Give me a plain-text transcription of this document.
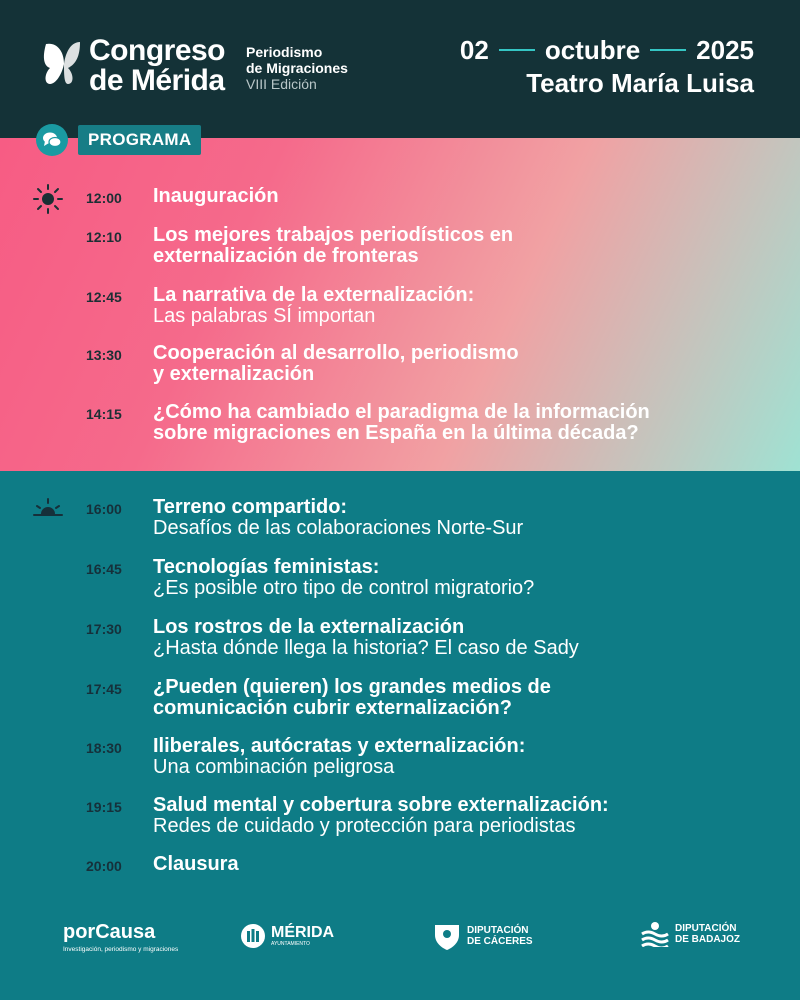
Congreso
de Mérida
Periodismo
de Migraciones
VIII Edición
02 octubre 2025
Teatro María Luisa
PROGRAMA
12:00	Inauguración
12:10	Los mejores trabajos periodísticos en
externalización de fronteras
12:45	La narrativa de la externalización:
Las palabras SÍ importan
13:30	Cooperación al desarrollo, periodismo
y externalización
14:15	¿Cómo ha cambiado el paradigma de la información
sobre migraciones en España en la última década?
16:00	Terreno compartido:
Desafíos de las colaboraciones Norte-Sur
16:45	Tecnologías feministas:
¿Es posible otro tipo de control migratorio?
17:30	Los rostros de la externalización
¿Hasta dónde llega la historia? El caso de Sady
17:45	¿Pueden (quieren) los grandes medios de
comunicación cubrir externalización?
18:30	Iliberales, autócratas y externalización:
Una combinación peligrosa
19:15	Salud mental y cobertura sobre externalización:
Redes de cuidado y protección para periodistas
20:00	Clausura
porCausa
Investigación, periodismo y migraciones
MÉRIDA
AYUNTAMIENTO
DIPUTACIÓN
DE CÁCERES
DIPUTACIÓN
DE BADAJOZ
